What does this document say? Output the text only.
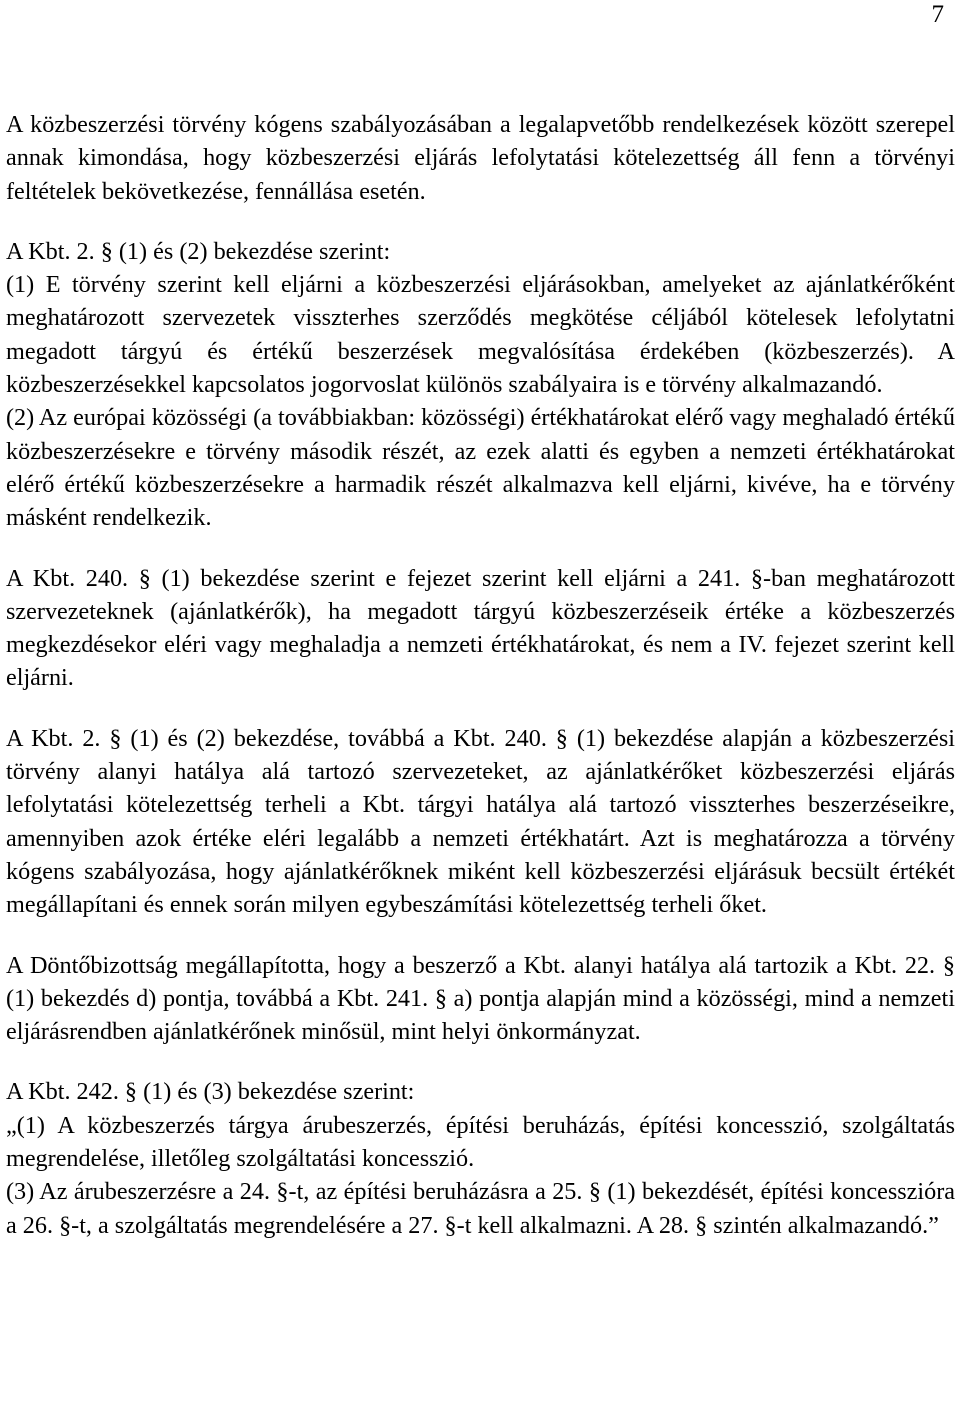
7

A közbeszerzési törvény kógens szabályozásában a legalapvetőbb rendelkezések között szerepel annak kimondása, hogy közbeszerzési eljárás lefolytatási kötelezettség áll fenn a törvényi feltételek bekövetkezése, fennállása esetén.

A Kbt. 2. § (1) és (2) bekezdése szerint:

(1) E törvény szerint kell eljárni a közbeszerzési eljárásokban, amelyeket az ajánlatkérőként meghatározott szervezetek visszterhes szerződés megkötése céljából kötelesek lefolytatni megadott tárgyú és értékű beszerzések megvalósítása érdekében (közbeszerzés). A közbeszerzésekkel kapcsolatos jogorvoslat különös szabályaira is e törvény alkalmazandó.

(2) Az európai közösségi (a továbbiakban: közösségi) értékhatárokat elérő vagy meghaladó értékű közbeszerzésekre e törvény második részét, az ezek alatti és egyben a nemzeti értékhatárokat elérő értékű közbeszerzésekre a harmadik részét alkalmazva kell eljárni, kivéve, ha e törvény másként rendelkezik.

A Kbt. 240. § (1) bekezdése szerint e fejezet szerint kell eljárni a 241. §-ban meghatározott szervezeteknek (ajánlatkérők), ha megadott tárgyú közbeszerzéseik értéke a közbeszerzés megkezdésekor eléri vagy meghaladja a nemzeti értékhatárokat, és nem a IV. fejezet szerint kell eljárni.

A Kbt. 2. § (1) és (2) bekezdése, továbbá a Kbt. 240. § (1) bekezdése alapján a közbeszerzési törvény alanyi hatálya alá tartozó szervezeteket, az ajánlatkérőket közbeszerzési eljárás lefolytatási kötelezettség terheli a Kbt. tárgyi hatálya alá tartozó visszterhes beszerzéseikre, amennyiben azok értéke eléri legalább a nemzeti értékhatárt. Azt is meghatározza a törvény kógens szabályozása, hogy ajánlatkérőknek miként kell közbeszerzési eljárásuk becsült értékét megállapítani és ennek során milyen egybeszámítási kötelezettség terheli őket.

A Döntőbizottság megállapította, hogy a beszerző a Kbt. alanyi hatálya alá tartozik a Kbt. 22. § (1) bekezdés d) pontja, továbbá a Kbt. 241. § a) pontja alapján mind a közösségi, mind a nemzeti eljárásrendben ajánlatkérőnek minősül, mint helyi önkormányzat.

A Kbt. 242. § (1) és (3) bekezdése szerint:

„(1) A közbeszerzés tárgya árubeszerzés, építési beruházás, építési koncesszió, szolgáltatás megrendelése, illetőleg szolgáltatási koncesszió.

(3) Az árubeszerzésre a 24. §-t, az építési beruházásra a 25. § (1) bekezdését, építési koncesszióra a 26. §-t, a szolgáltatás megrendelésére a 27. §-t kell alkalmazni. A 28. § szintén alkalmazandó.”
